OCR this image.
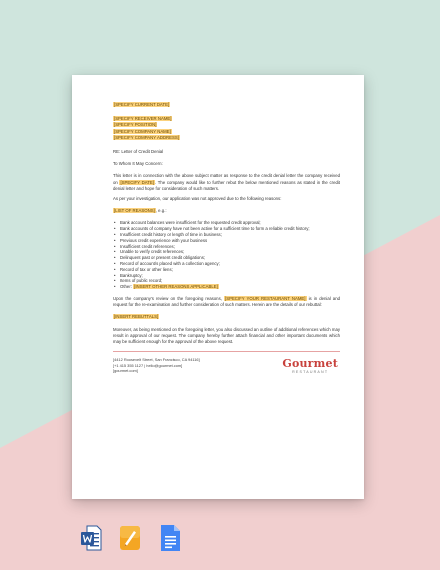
[SPECIFY CURRENT DATE]
[SPECIFY RECEIVER NAME]
[SPECIFY POSITION]
[SPECIFY COMPANY NAME]
[SPECIFY COMPANY ADDRESS]
RE: Letter of Credit Denial
To Whom It May Concern:
This letter is in connection with the above subject matter as response to the credit denial letter the company received on [SPECIFY DATE]. The company would like to further rebut the below mentioned reasons as stated in the credit denial letter and hope for consideration of such matters.
As per your investigation, our application was not approved due to the following reasons:
[LIST OF REASONS], e.g.:
• Bank account balances were insufficient for the requested credit approval;
• Bank accounts of company have not been active for a sufficient time to form a reliable credit history;
• Insufficient credit history or length of time in business;
• Previous credit experience with your business
• Insufficient credit references;
• Unable to verify credit references;
• Delinquent past or present credit obligations;
• Record of account/s placed with a collection agency;
• Record of tax or other liens;
• Bankruptcy;
• Items of public record;
• Other: [INSERT OTHER REASONS APPLICABLE]
Upon the company's review on the foregoing reasons, [SPECIFY YOUR RESTAURANT NAME] is in denial and request for the re-examination and further consideration of such matters. Herein are the details of our rebuttal:
[INSERT REBUTTALS]
Moreover, as being mentioned on the foregoing letter, you also discussed an outline of additional references which may result in approval of our request. The company hereby further attach financial and other important documents which may be sufficient enough for the approval of the above request.
[4412 Roosevelt Street, San Francisco, CA 94116]
[+1 415 355 1127 | hello@gourmet.com]
[gourmet.com]
Gourmet
RESTAURANT
